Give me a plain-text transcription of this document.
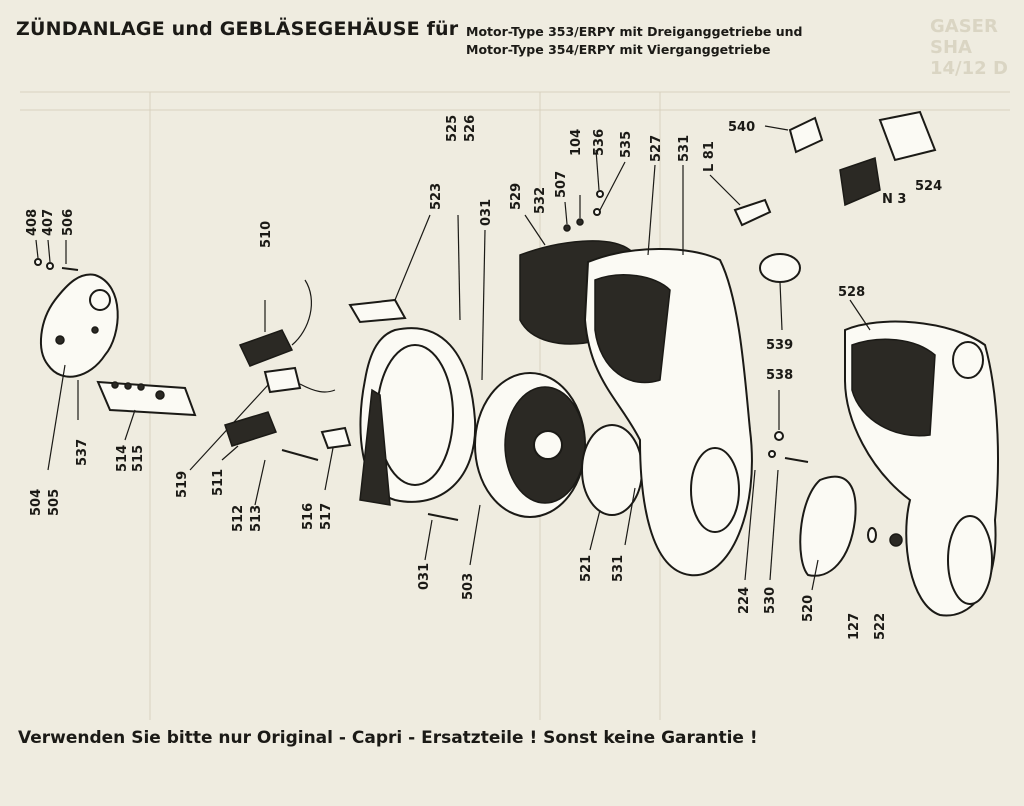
GASER SHA 14/12 D
408 407 506	510
523
525 526
031
529 532
507
104 536 535 527 531 L 81
540
524
N 3
528
539
538
504 505
537 514 515
519 511
512 513	516 517
031 503
521 531
224 530 520
127 522
ZÜNDANLAGE und GEBLÄSEGEHÄUSE für Motor-Type 353/ERPY mit Dreiganggetriebe und
Motor-Type 354/ERPY mit Vierganggetriebe
Verwenden Sie bitte nur Original - Capri - Ersatzteile ! Sonst keine Garantie !
